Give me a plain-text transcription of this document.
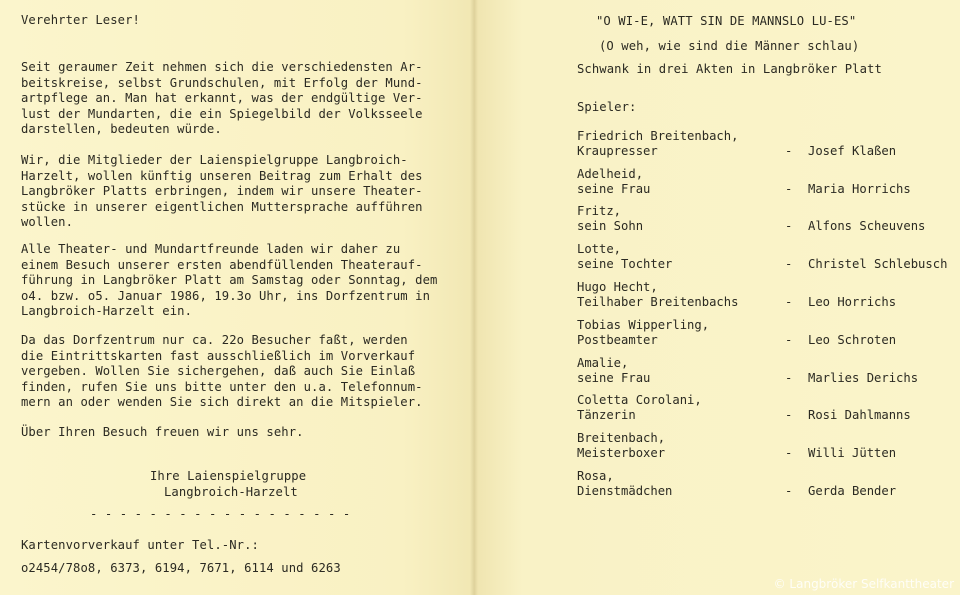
Verehrter Leser!
Seit geraumer Zeit nehmen sich die verschiedensten Ar-
beitskreise, selbst Grundschulen, mit Erfolg der Mund-
artpflege an. Man hat erkannt, was der endgültige Ver-
lust der Mundarten, die ein Spiegelbild der Volksseele
darstellen, bedeuten würde.
Wir, die Mitglieder der Laienspielgruppe Langbroich-
Harzelt, wollen künftig unseren Beitrag zum Erhalt des
Langbröker Platts erbringen, indem wir unsere Theater-
stücke in unserer eigentlichen Muttersprache aufführen
wollen.
Alle Theater- und Mundartfreunde laden wir daher zu
einem Besuch unserer ersten abendfüllenden Theaterauf-
führung in Langbröker Platt am Samstag oder Sonntag, dem
o4. bzw. o5. Januar 1986, 19.3o Uhr, ins Dorfzentrum in
Langbroich-Harzelt ein.
Da das Dorfzentrum nur ca. 22o Besucher faßt, werden
die Eintrittskarten fast ausschließlich im Vorverkauf
vergeben. Wollen Sie sichergehen, daß auch Sie Einlaß
finden, rufen Sie uns bitte unter den u.a. Telefonnum-
mern an oder wenden Sie sich direkt an die Mitspieler.
Über Ihren Besuch freuen wir uns sehr.
Ihre Laienspielgruppe
Langbroich-Harzelt
- - - - - - - - - - - - - - - - - -
Kartenvorverkauf unter Tel.-Nr.:
o2454/78o8, 6373, 6194, 7671, 6114 und 6263
"O WI-E, WATT SIN DE MANNSLO LU-ES"
(O weh, wie sind die Männer schlau)
Schwank in drei Akten in Langbröker Platt
Spieler:
Friedrich Breitenbach,
Kraupresser	- Josef Klaßen
Adelheid,
seine Frau	- Maria Horrichs
Fritz,
sein Sohn	- Alfons Scheuvens
Lotte,
seine Tochter	- Christel Schlebusch
Hugo Hecht,
Teilhaber Breitenbachs	- Leo Horrichs
Tobias Wipperling,
Postbeamter	- Leo Schroten
Amalie,
seine Frau	- Marlies Derichs
Coletta Corolani,
Tänzerin	- Rosi Dahlmanns
Breitenbach,
Meisterboxer	- Willi Jütten
Rosa,
Dienstmädchen	- Gerda Bender
© Langbröker Selfkanttheater
